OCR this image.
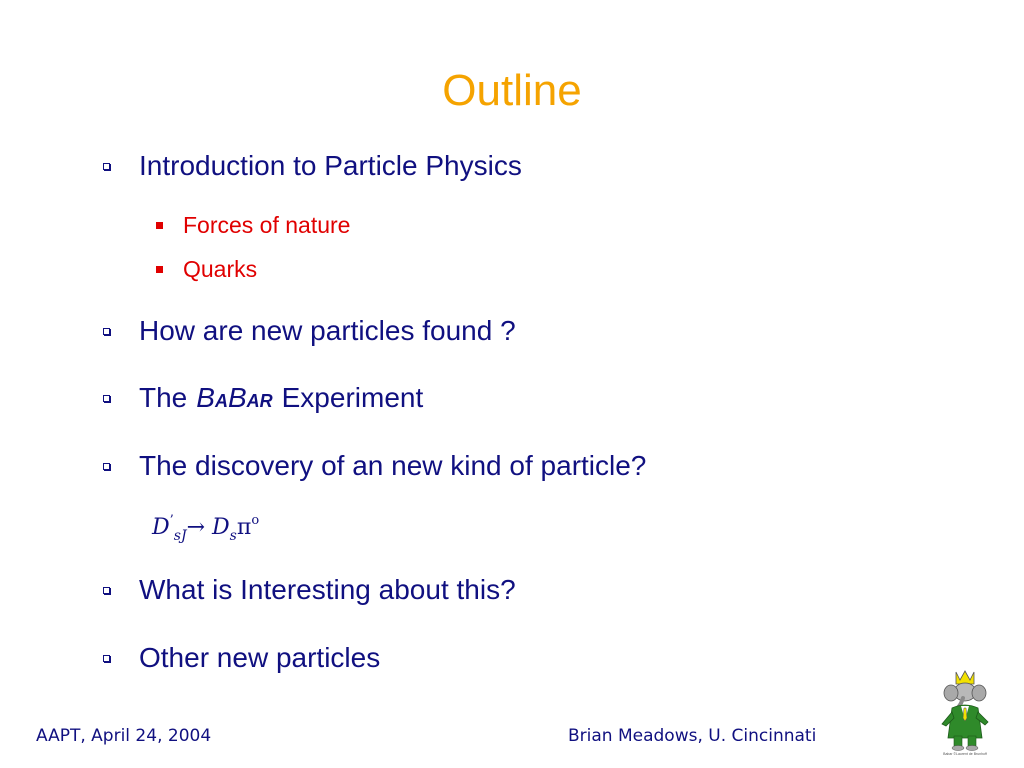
Outline
Introduction to Particle Physics
Forces of nature
Quarks
How are new particles found ?
The BABAR Experiment
The discovery of an new kind of particle?
$D^’_{sJ}\to D_s\pi^o$
What is Interesting about this?
Other new particles
AAPT, April 24, 2004	Brian Meadows, U. Cincinnati
Babar ©Laurent de Brunhoff
